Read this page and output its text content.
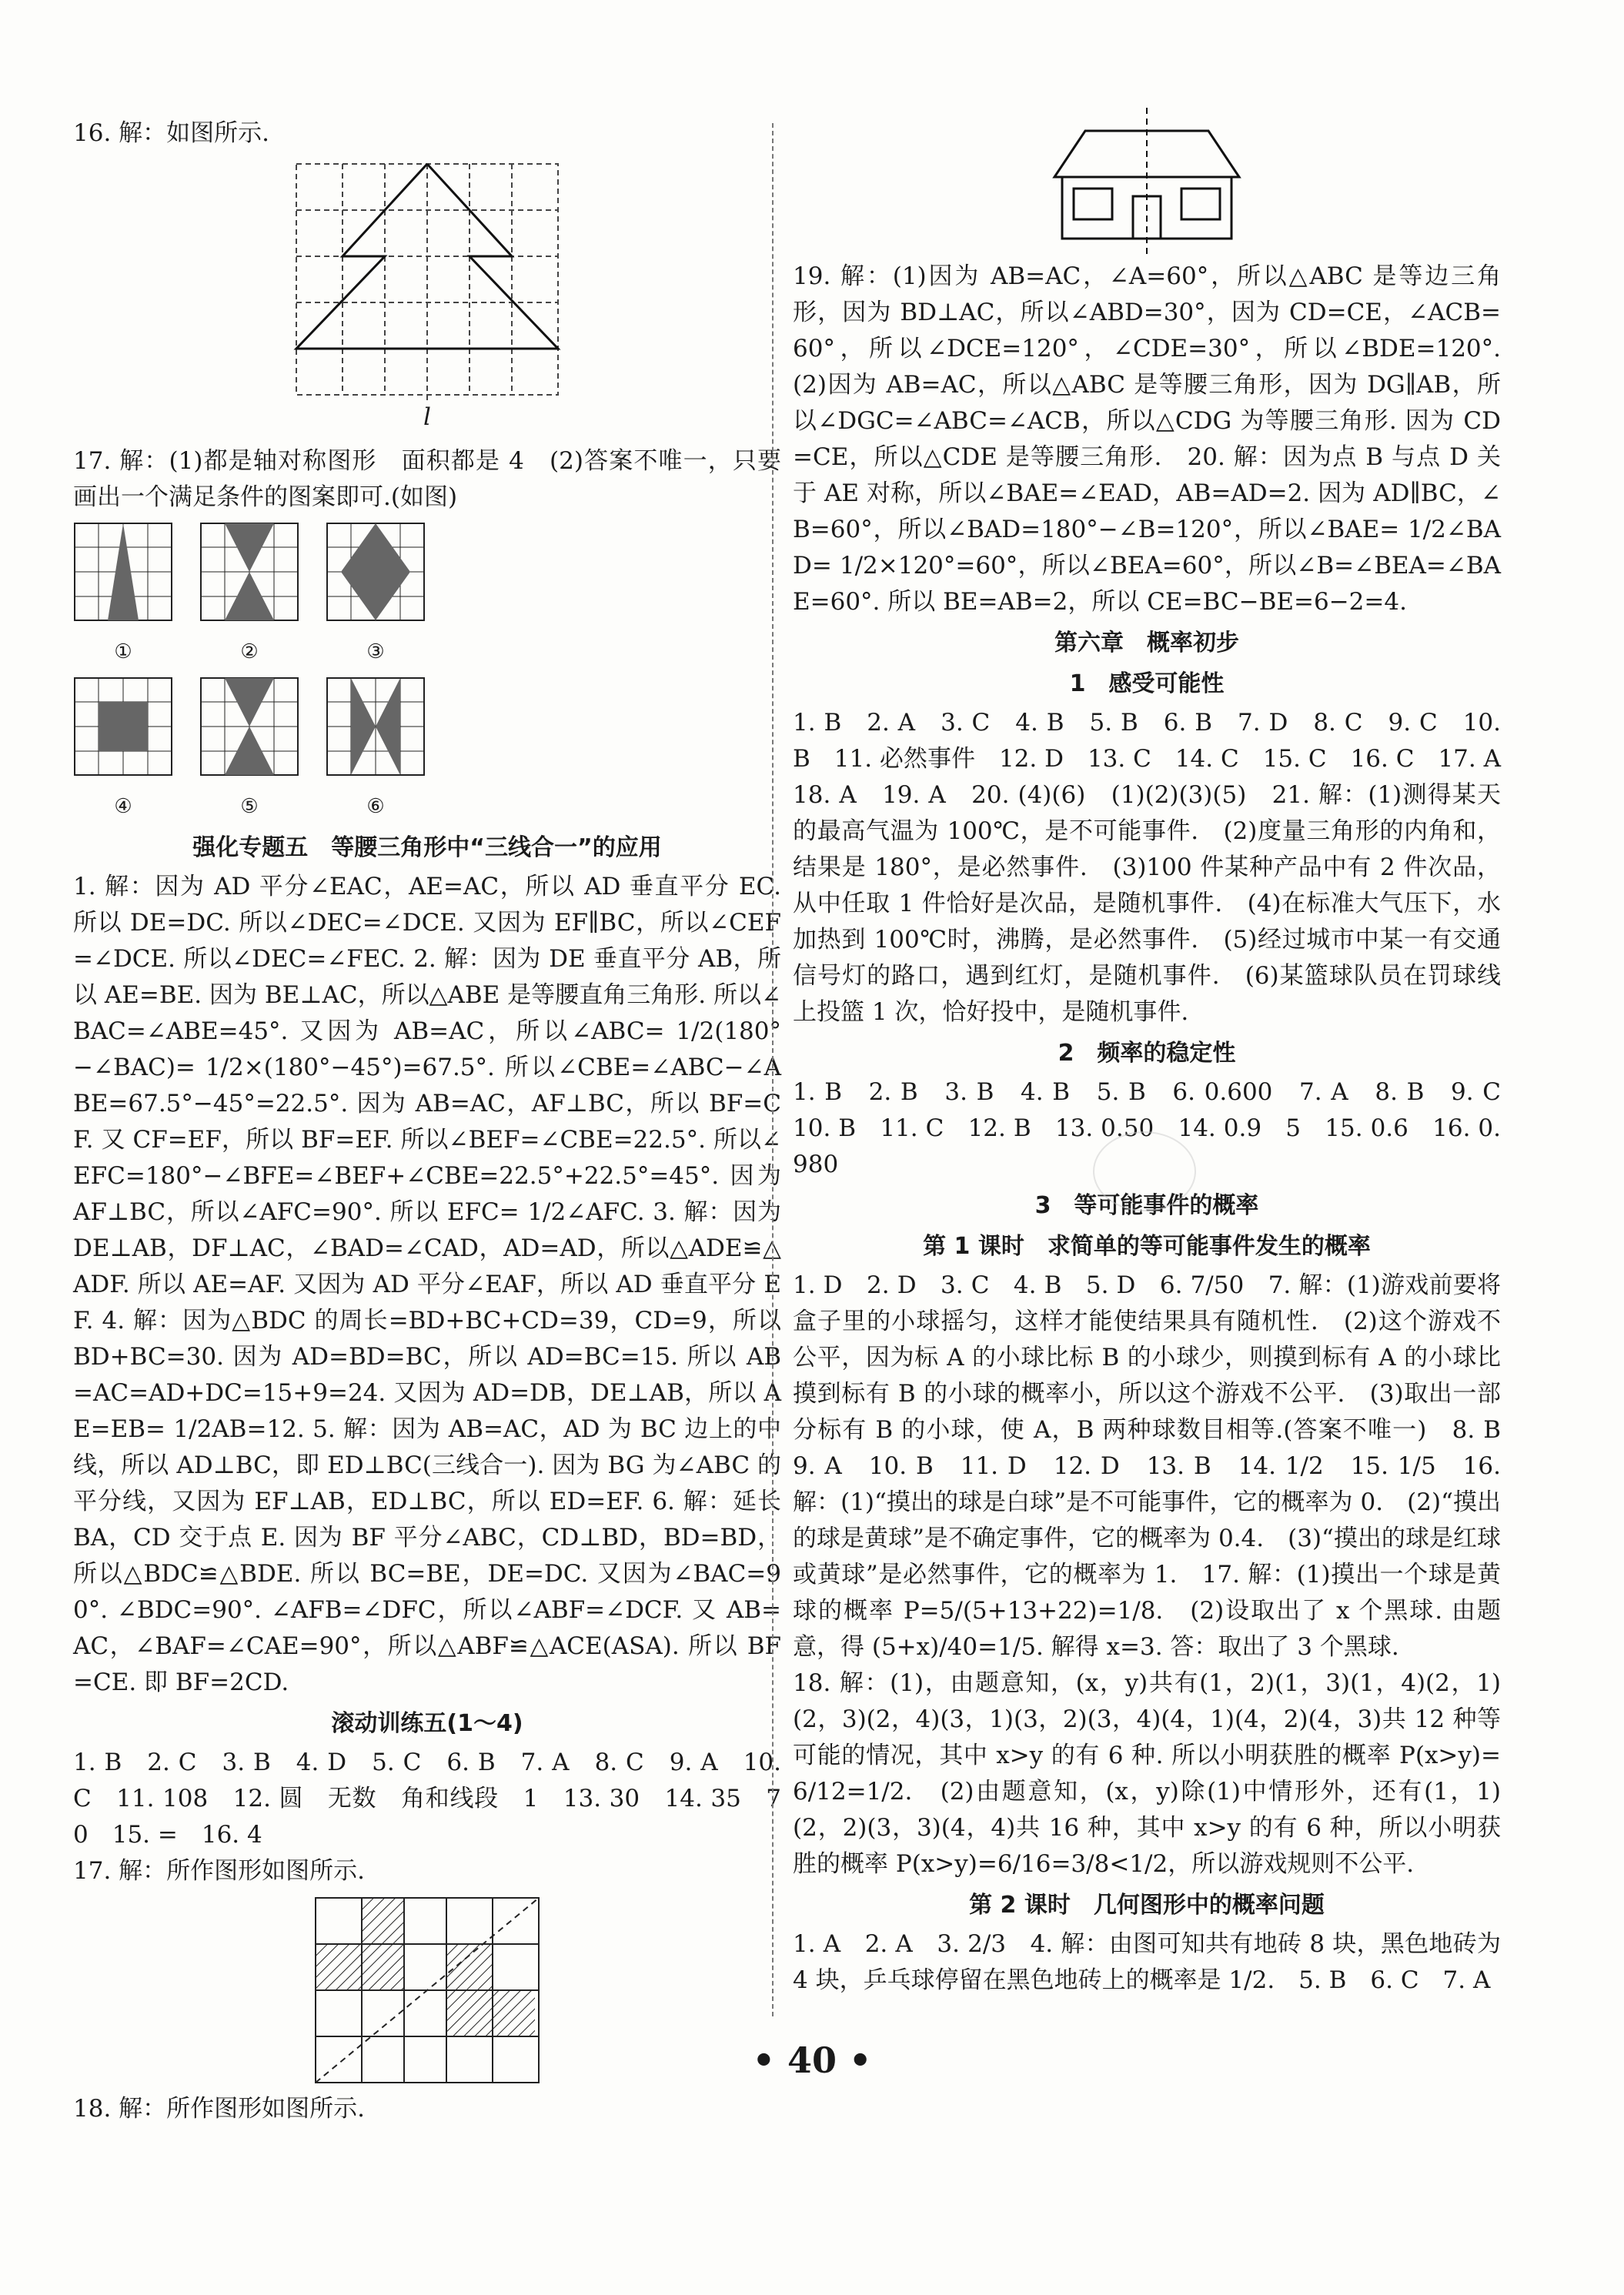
16. 解：如图所示.

l

17. 解：(1)都是轴对称图形　面积都是 4　(2)答案不唯一，只要画出一个满足条件的图案即可.(如图)

①	②	③
④	⑤	⑥
强化专题五　等腰三角形中“三线合一”的应用

1. 解：因为 AD 平分∠EAC，AE=AC，所以 AD 垂直平分 EC. 所以 DE=DC. 所以∠DEC=∠DCE. 又因为 EF∥BC，所以∠CEF=∠DCE. 所以∠DEC=∠FEC. 2. 解：因为 DE 垂直平分 AB，所以 AE=BE. 因为 BE⊥AC，所以△ABE 是等腰直角三角形. 所以∠BAC=∠ABE=45°. 又因为 AB=AC，所以∠ABC= 1/2(180°−∠BAC)= 1/2×(180°−45°)=67.5°. 所以∠CBE=∠ABC−∠ABE=67.5°−45°=22.5°. 因为 AB=AC，AF⊥BC，所以 BF=CF. 又 CF=EF，所以 BF=EF. 所以∠BEF=∠CBE=22.5°. 所以∠EFC=180°−∠BFE=∠BEF+∠CBE=22.5°+22.5°=45°. 因为 AF⊥BC，所以∠AFC=90°. 所以 EFC= 1/2∠AFC. 3. 解：因为 DE⊥AB，DF⊥AC，∠BAD=∠CAD，AD=AD，所以△ADE≌△ADF. 所以 AE=AF. 又因为 AD 平分∠EAF，所以 AD 垂直平分 EF. 4. 解：因为△BDC 的周长=BD+BC+CD=39，CD=9，所以 BD+BC=30. 因为 AD=BD=BC，所以 AD=BC=15. 所以 AB=AC=AD+DC=15+9=24. 又因为 AD=DB，DE⊥AB，所以 AE=EB= 1/2AB=12. 5. 解：因为 AB=AC，AD 为 BC 边上的中线，所以 AD⊥BC，即 ED⊥BC(三线合一). 因为 BG 为∠ABC 的平分线，又因为 EF⊥AB，ED⊥BC，所以 ED=EF. 6. 解：延长 BA，CD 交于点 E. 因为 BF 平分∠ABC，CD⊥BD，BD=BD，所以△BDC≌△BDE. 所以 BC=BE，DE=DC. 又因为∠BAC=90°. ∠BDC=90°. ∠AFB=∠DFC，所以∠ABF=∠DCF. 又 AB=AC，∠BAF=∠CAE=90°，所以△ABF≌△ACE(ASA). 所以 BF=CE. 即 BF=2CD.

滚动训练五(1～4)

1. B　2. C　3. B　4. D　5. C　6. B　7. A　8. C　9. A　10. C　11. 108　12. 圆　无数　角和线段　1　13. 30　14. 35　70　15. =　16. 4

17. 解：所作图形如图所示.

18. 解：所作图形如图所示.

19. 解：(1)因为 AB=AC，∠A=60°，所以△ABC 是等边三角形，因为 BD⊥AC，所以∠ABD=30°，因为 CD=CE，∠ACB=60°，所以∠DCE=120°，∠CDE=30°，所以∠BDE=120°.　(2)因为 AB=AC，所以△ABC 是等腰三角形，因为 DG∥AB，所以∠DGC=∠ABC=∠ACB，所以△CDG 为等腰三角形. 因为 CD=CE，所以△CDE 是等腰三角形.　20. 解：因为点 B 与点 D 关于 AE 对称，所以∠BAE=∠EAD，AB=AD=2. 因为 AD∥BC，∠B=60°，所以∠BAD=180°−∠B=120°，所以∠BAE= 1/2∠BAD= 1/2×120°=60°，所以∠BEA=60°，所以∠B=∠BEA=∠BAE=60°. 所以 BE=AB=2，所以 CE=BC−BE=6−2=4.

第六章　概率初步
1　感受可能性

1. B　2. A　3. C　4. B　5. B　6. B　7. D　8. C　9. C　10. B　11. 必然事件　12. D　13. C　14. C　15. C　16. C　17. A　18. A　19. A　20. (4)(6)　(1)(2)(3)(5)　21. 解：(1)测得某天的最高气温为 100℃，是不可能事件.　(2)度量三角形的内角和，结果是 180°，是必然事件.　(3)100 件某种产品中有 2 件次品，从中任取 1 件恰好是次品，是随机事件.　(4)在标准大气压下，水加热到 100℃时，沸腾，是必然事件.　(5)经过城市中某一有交通信号灯的路口，遇到红灯，是随机事件.　(6)某篮球队员在罚球线上投篮 1 次，恰好投中，是随机事件.

2　频率的稳定性

1. B　2. B　3. B　4. B　5. B　6. 0.600　7. A　8. B　9. C　10. B　11. C　12. B　13. 0.50　14. 0.9　5　15. 0.6　16. 0.980

3　等可能事件的概率
第 1 课时　求简单的等可能事件发生的概率

1. D　2. D　3. C　4. B　5. D　6. 7/50　7. 解：(1)游戏前要将盒子里的小球摇匀，这样才能使结果具有随机性.　(2)这个游戏不公平，因为标 A 的小球比标 B 的小球少，则摸到标有 A 的小球比摸到标有 B 的小球的概率小，所以这个游戏不公平.　(3)取出一部分标有 B 的小球，使 A，B 两种球数目相等.(答案不唯一)　8. B　9. A　10. B　11. D　12. D　13. B　14. 1/2　15. 1/5　16. 解：(1)“摸出的球是白球”是不可能事件，它的概率为 0.　(2)“摸出的球是黄球”是不确定事件，它的概率为 0.4.　(3)“摸出的球是红球或黄球”是必然事件，它的概率为 1.　17. 解：(1)摸出一个球是黄球的概率 P=5/(5+13+22)=1/8.　(2)设取出了 x 个黑球. 由题意，得 (5+x)/40=1/5. 解得 x=3. 答：取出了 3 个黑球.

18. 解：(1)，由题意知，(x，y)共有(1，2)(1，3)(1，4)(2，1)(2，3)(2，4)(3，1)(3，2)(3，4)(4，1)(4，2)(4，3)共 12 种等可能的情况，其中 x>y 的有 6 种. 所以小明获胜的概率 P(x>y)=6/12=1/2.　(2)由题意知，(x，y)除(1)中情形外，还有(1，1)(2，2)(3，3)(4，4)共 16 种，其中 x>y 的有 6 种，所以小明获胜的概率 P(x>y)=6/16=3/8<1/2，所以游戏规则不公平.

第 2 课时　几何图形中的概率问题

1. A　2. A　3. 2/3　4. 解：由图可知共有地砖 8 块，黑色地砖为 4 块，乒乓球停留在黑色地砖上的概率是 1/2.　5. B　6. C　7. A

• 40 •
